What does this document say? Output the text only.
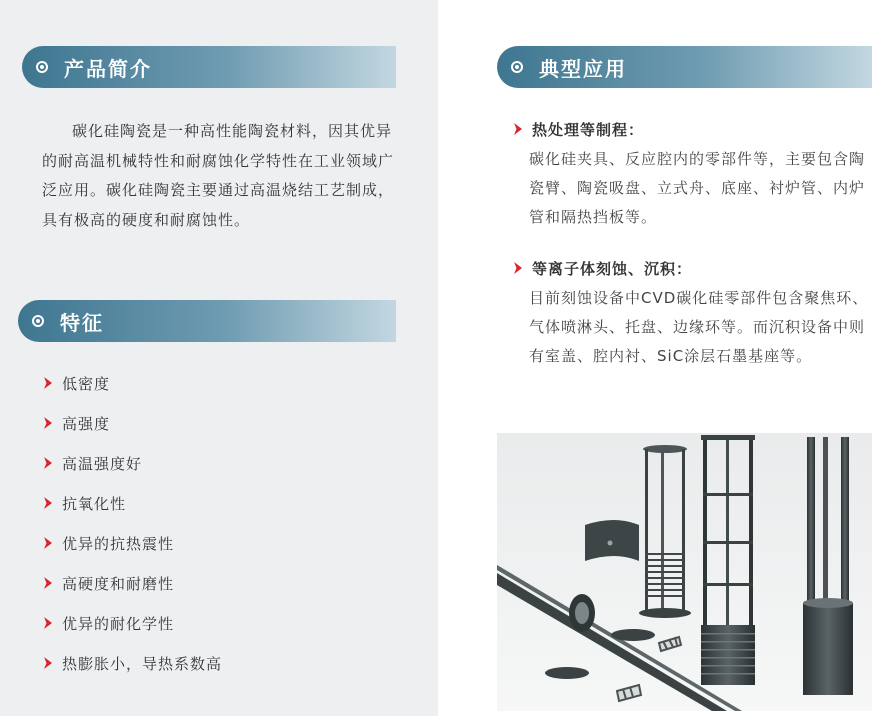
产品简介

碳化硅陶瓷是一种高性能陶瓷材料，因其优异的耐高温机械特性和耐腐蚀化学特性在工业领域广泛应用。碳化硅陶瓷主要通过高温烧结工艺制成，具有极高的硬度和耐腐蚀性。

特征
低密度
高强度
高温强度好
抗氧化性
优异的抗热震性
高硬度和耐磨性
优异的耐化学性
热膨胀小，导热系数高
典型应用
热处理等制程：
碳化硅夹具、反应腔内的零部件等，主要包含陶瓷臂、陶瓷吸盘、立式舟、底座、衬炉管、内炉管和隔热挡板等。
等离子体刻蚀、沉积：
目前刻蚀设备中CVD碳化硅零部件包含聚焦环、气体喷淋头、托盘、边缘环等。而沉积设备中则有室盖、腔内衬、SiC涂层石墨基座等。
